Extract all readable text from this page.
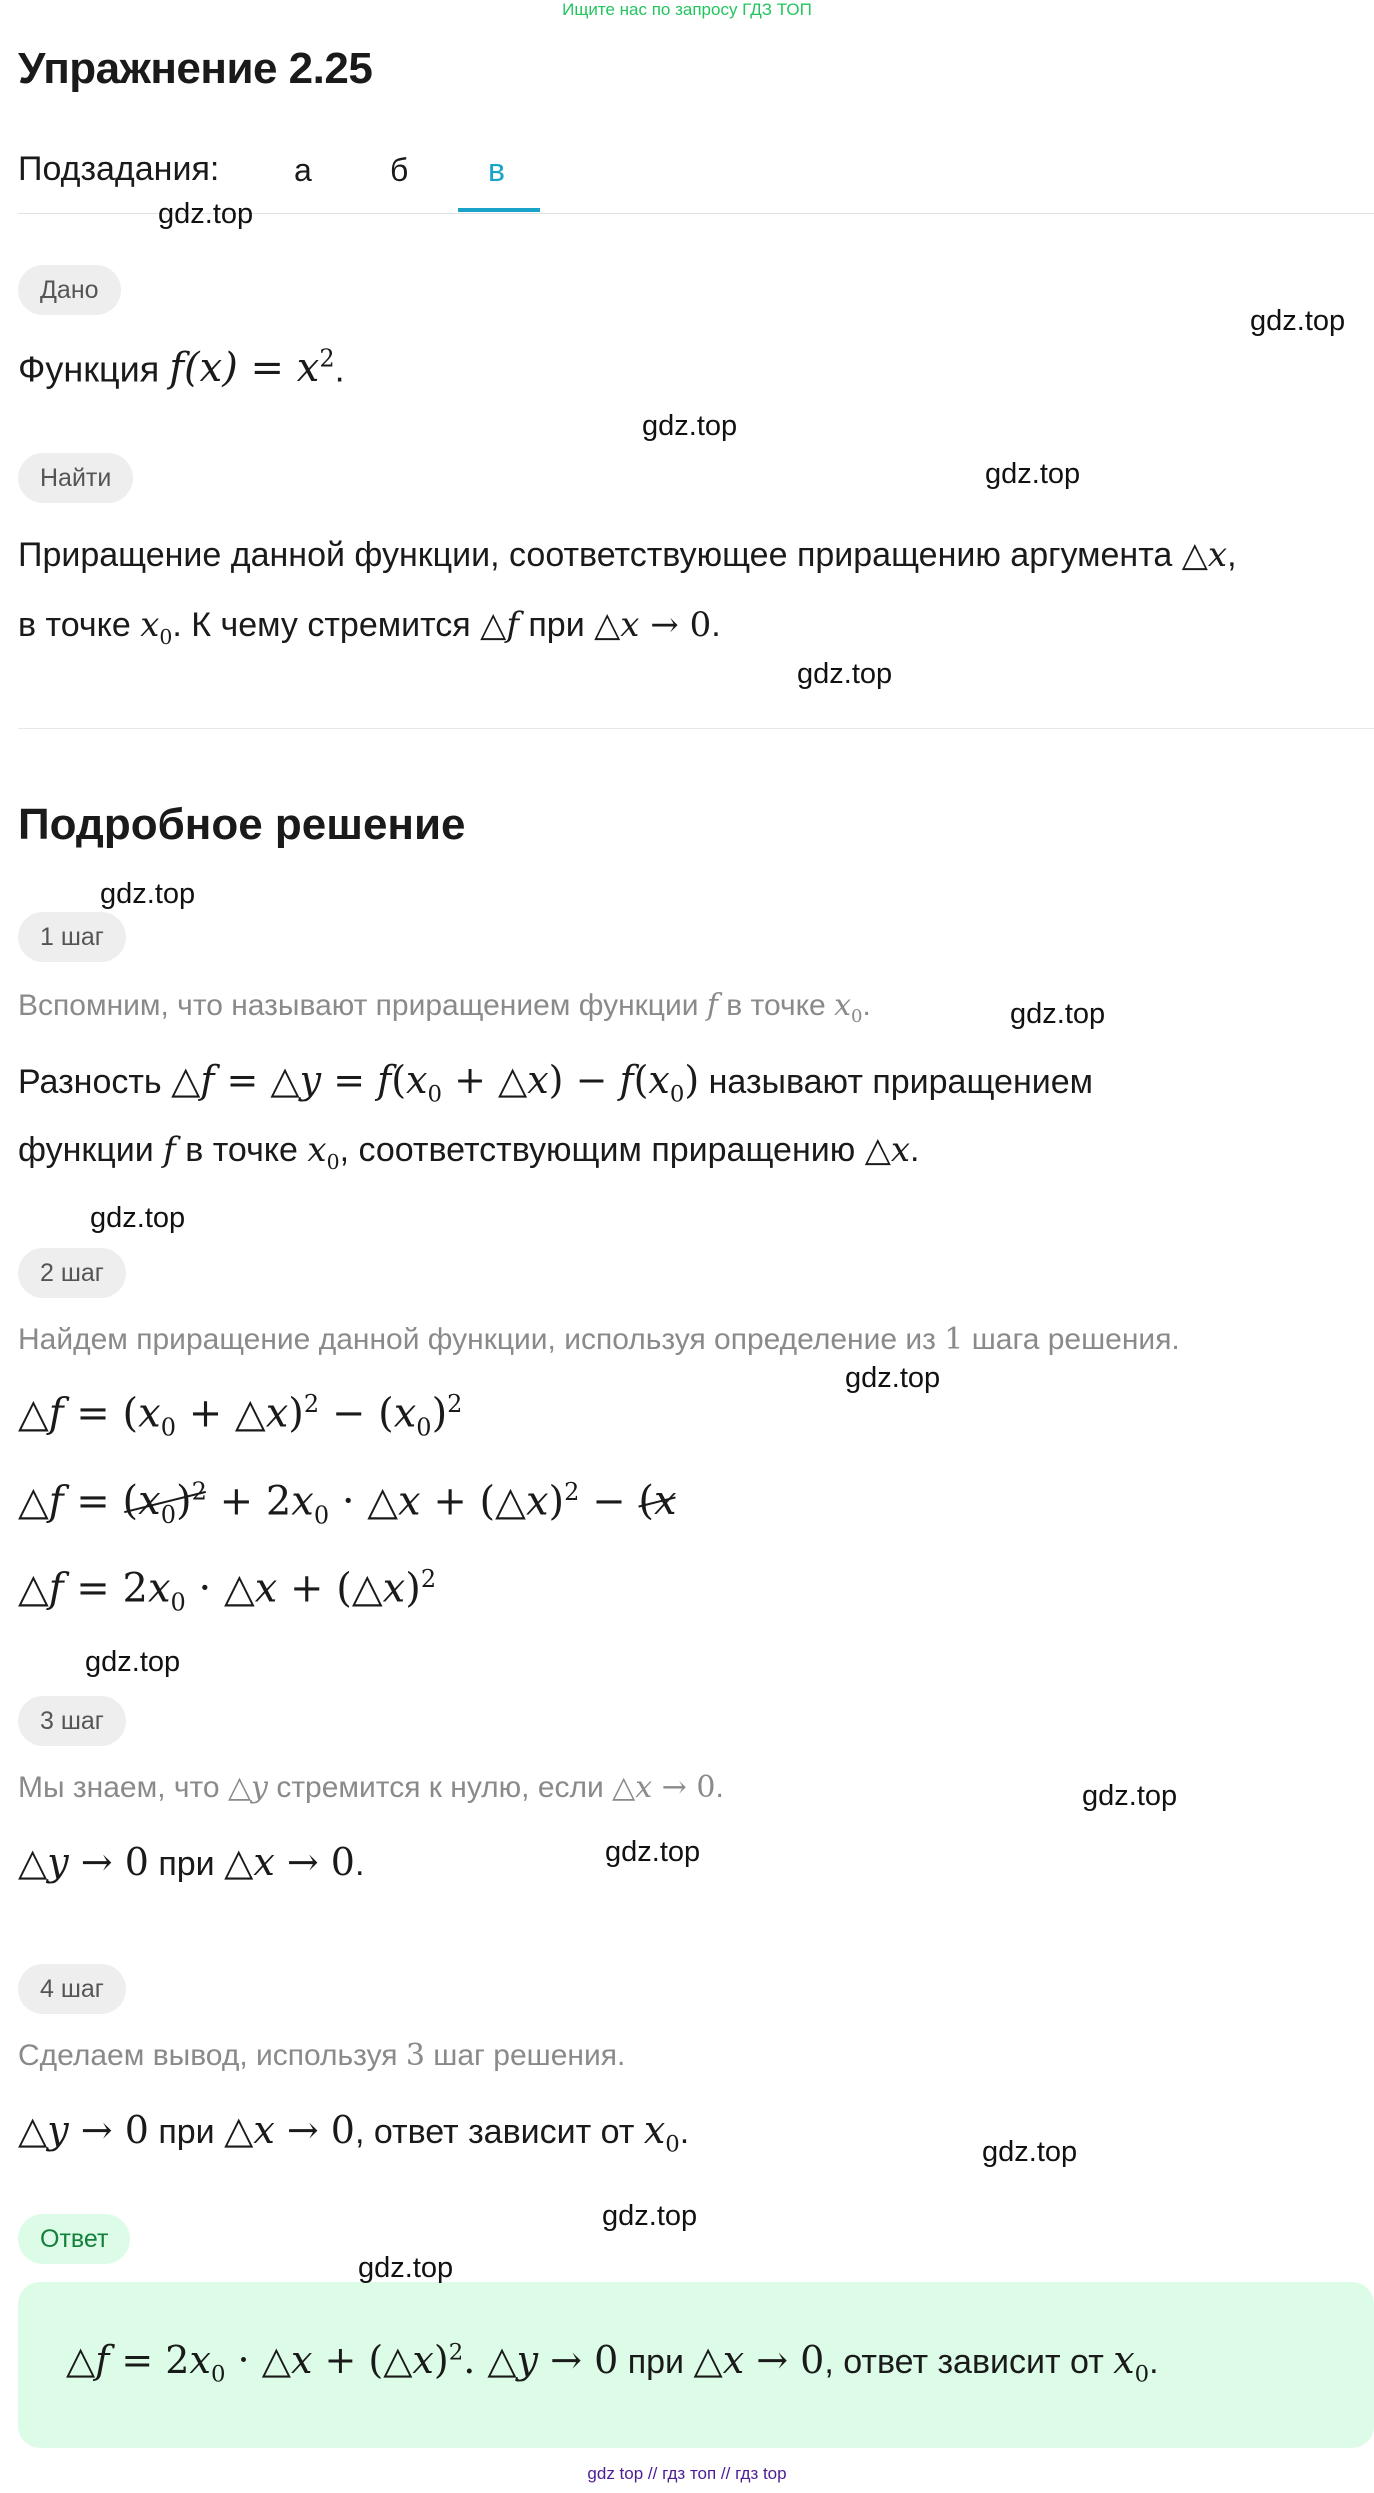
Ищите нас по запросу ГДЗ ТОП
Упражнение 2.25
Подзадания: а б в
Дано
Функция $f(x) = x^2$.
Найти
Приращение данной функции, соответствующее приращению аргумента △x,
в точке $x_0$. К чему стремится △f при △x → 0.
Подробное решение
1 шаг
Вспомним, что называют приращением функции f в точке $x_0$.
Разность △f = △y = $f(x_0$ + △x) − $f(x_0)$ называют приращением
функции f в точке $x_0$, соответствующим приращению △x.
2 шаг
Найдем приращение данной функции, используя определение из 1 шага решения.
△f = ($x_0$ + △x)$^2$ − $(x_0)^2$
△f = $(x_0)^2 + 2x_0$ · △x + (△x)$^2$ − (x
△f = $2x_0$ · △x + (△x)$^2$
3 шаг
Мы знаем, что △y стремится к нулю, если △x → 0.
△y → 0 при △x → 0.
4 шаг
Сделаем вывод, используя 3 шаг решения.
△y → 0 при △x → 0, ответ зависит от $x_0$.
Ответ
△f = $2x_0$ · △x + (△x)$^2$. △y → 0 при △x → 0, ответ зависит от $x_0$.
gdz.top
gdz.top
gdz.top
gdz.top
gdz.top
gdz.top
gdz.top
gdz.top
gdz.top
gdz.top
gdz.top
gdz.top
gdz.top
gdz.top
gdz.top
gdz top // гдз топ // гдз top
